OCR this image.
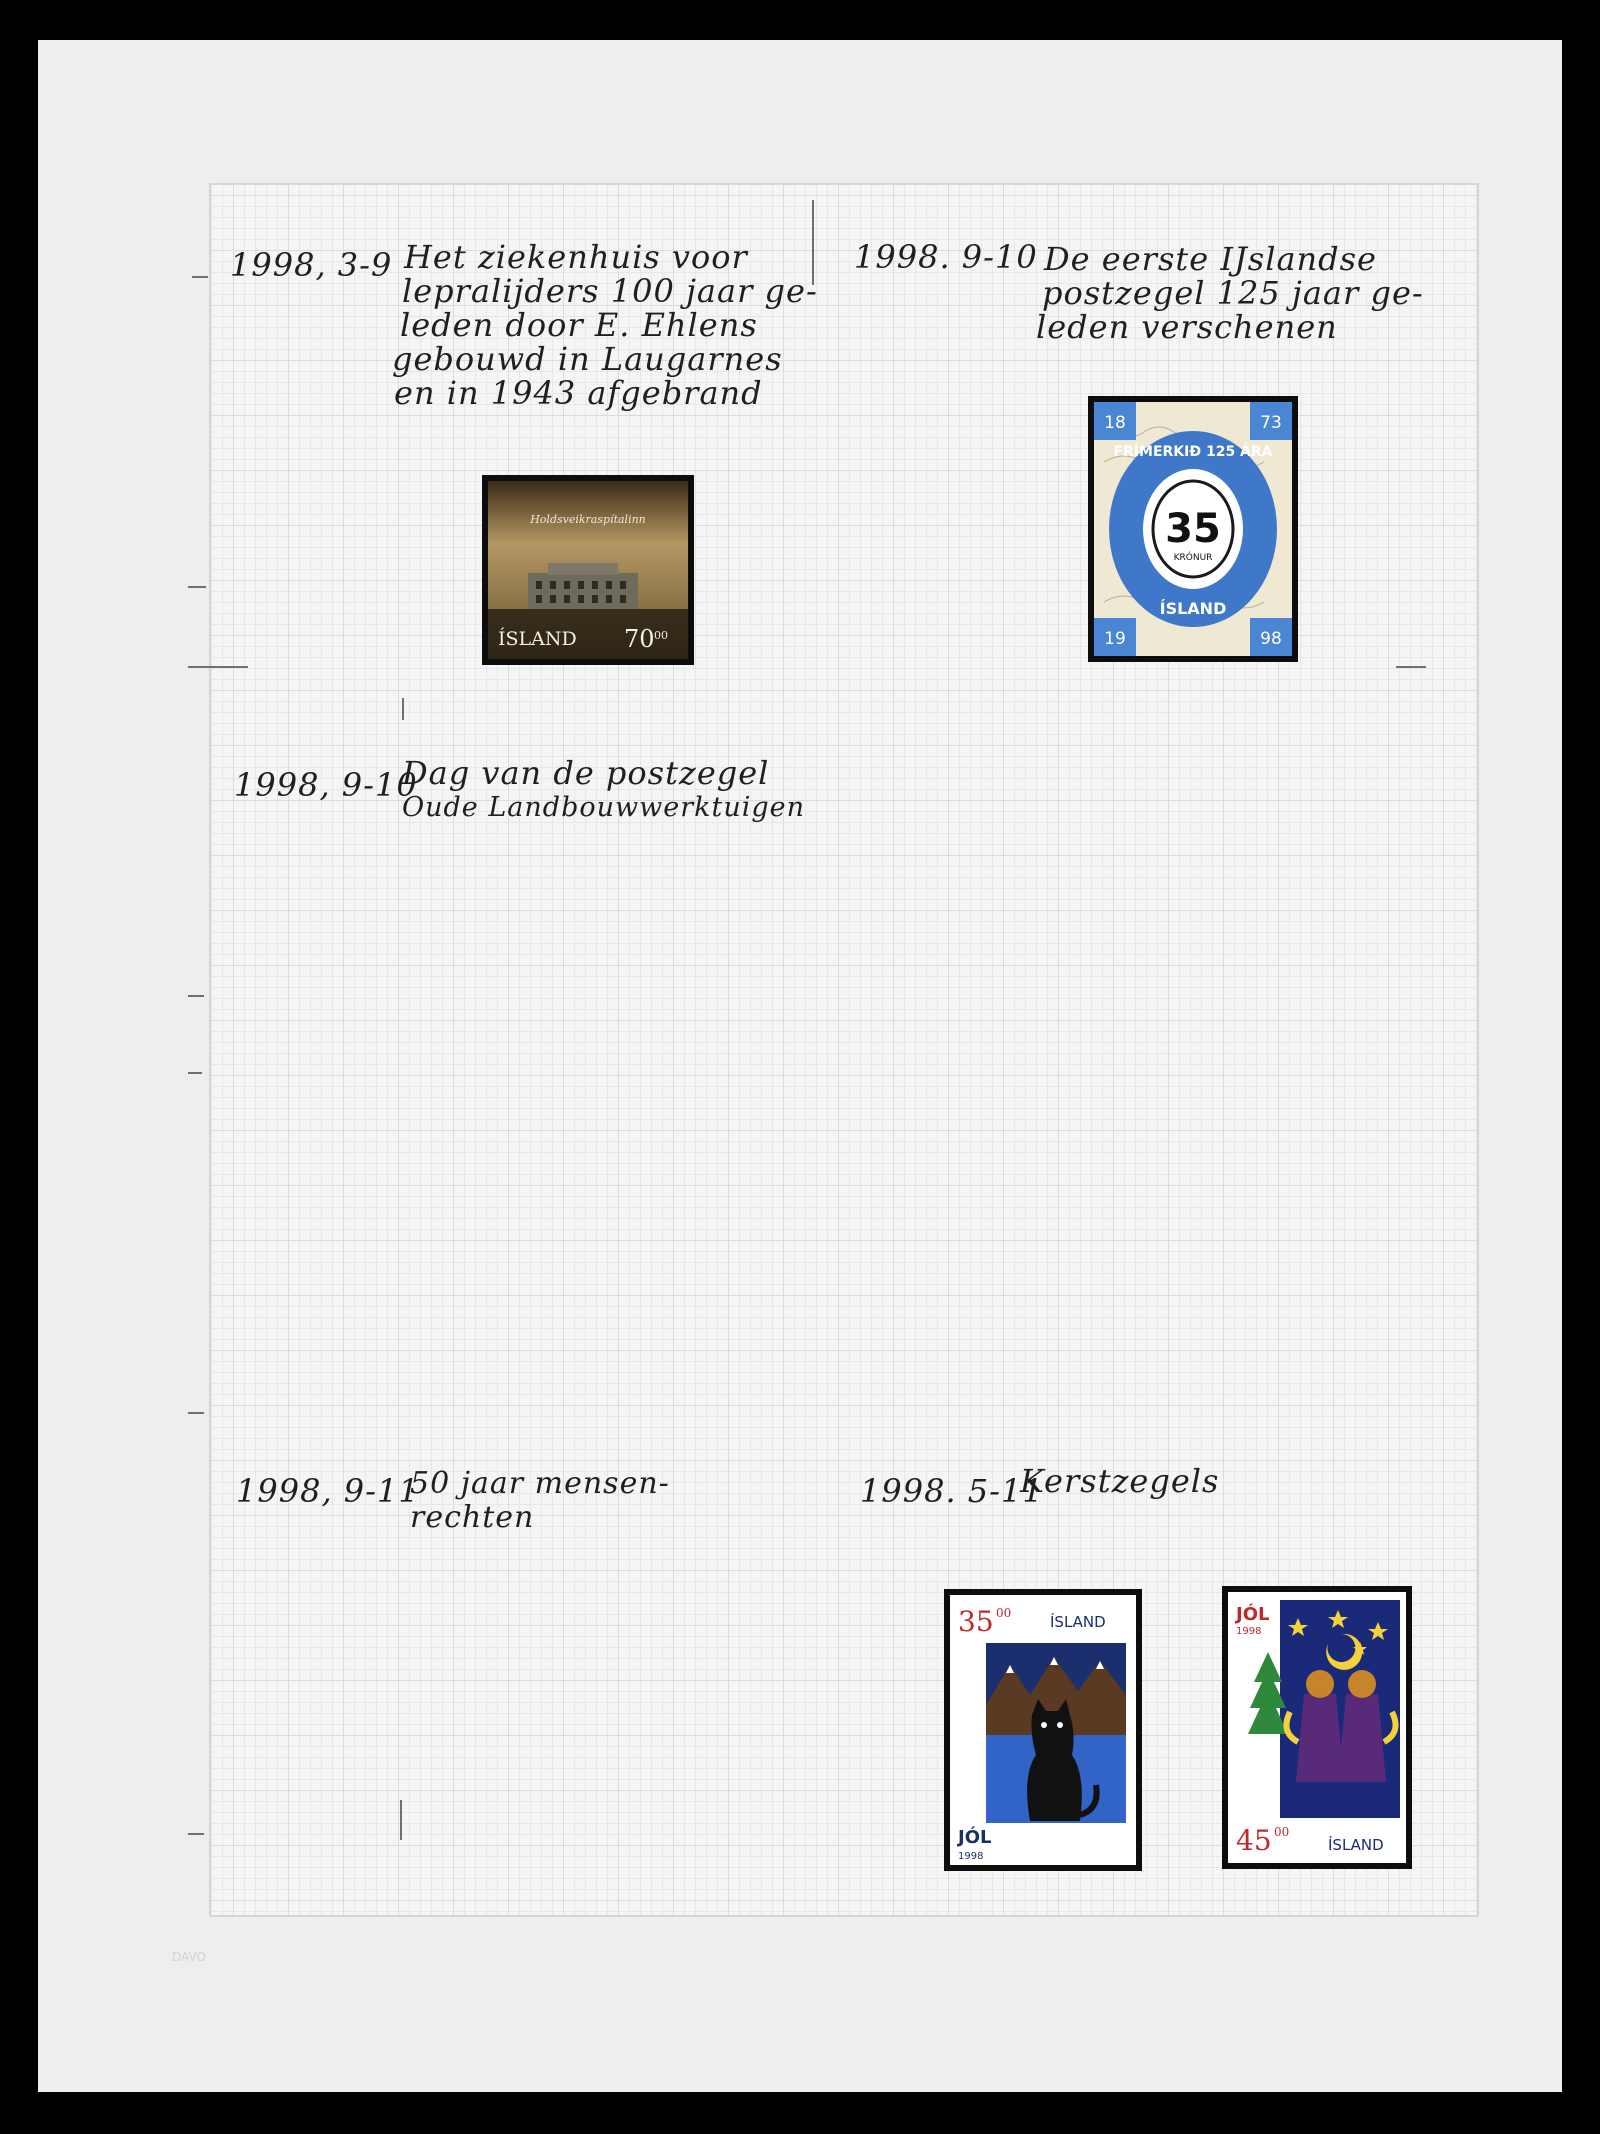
1998, 3-9 Het ziekenhuis voor
lepralijders 100 jaar ge-
leden door E. Ehlens
gebouwd in Laugarnes
en in 1943 afgebrand
1998. 9-10 De eerste IJslandse
postzegel 125 jaar ge-
leden verschenen
1998, 9-10
Dag van de postzegel
Oude Landbouwwerktuigen
1998, 9-11
50 jaar mensen-
rechten
1998. 5-11
Kerstzegels
Holdsveikraspítalinn
ÍSLAND 70 00
18	73
19	98
35
KRÓNUR
FRÍMERKIÐ 125 ÁRA
ÍSLAND
35 00	ÍSLAND
JÓL
1998
JÓL
1998
45 00
ÍSLAND
DAVO
